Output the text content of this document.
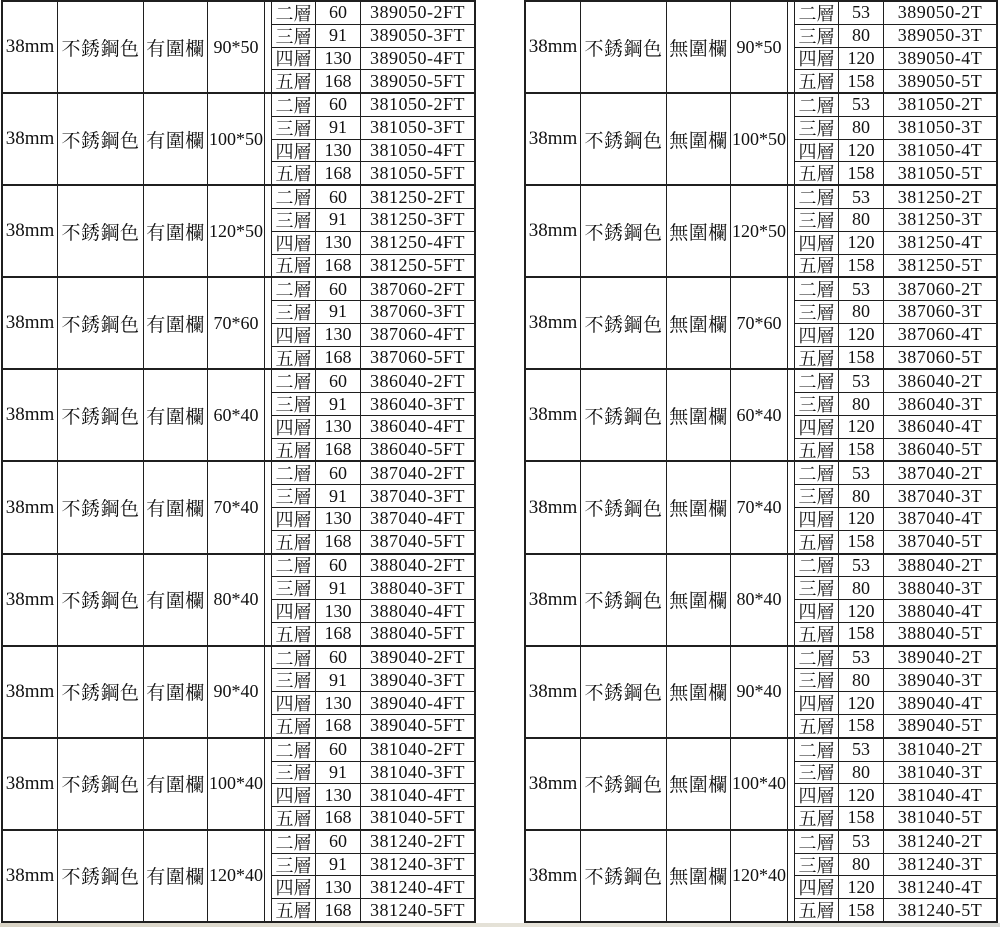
38mm 不銹鋼色 有圍欄 90*50
二層 60	389050-2FT
三層 91	389050-3FT
四層 130	389050-4FT
五層 168	389050-5FT
38mm 不銹鋼色 有圍欄 100*50
二層 60	381050-2FT
三層 91	381050-3FT
四層 130	381050-4FT
五層 168	381050-5FT
38mm 不銹鋼色 有圍欄 120*50
二層 60	381250-2FT
三層 91	381250-3FT
四層 130	381250-4FT
五層 168	381250-5FT
38mm 不銹鋼色 有圍欄 70*60
二層 60	387060-2FT
三層 91	387060-3FT
四層 130	387060-4FT
五層 168	387060-5FT
38mm 不銹鋼色 有圍欄 60*40
二層 60	386040-2FT
三層 91	386040-3FT
四層 130	386040-4FT
五層 168	386040-5FT
38mm 不銹鋼色 有圍欄 70*40
二層 60	387040-2FT
三層 91	387040-3FT
四層 130	387040-4FT
五層 168	387040-5FT
38mm 不銹鋼色 有圍欄 80*40
二層 60	388040-2FT
三層 91	388040-3FT
四層 130	388040-4FT
五層 168	388040-5FT
38mm 不銹鋼色 有圍欄 90*40
二層 60	389040-2FT
三層 91	389040-3FT
四層 130	389040-4FT
五層 168	389040-5FT
38mm 不銹鋼色 有圍欄 100*40
二層 60	381040-2FT
三層 91	381040-3FT
四層 130	381040-4FT
五層 168	381040-5FT
38mm 不銹鋼色 有圍欄 120*40
二層 60	381240-2FT
三層 91	381240-3FT
四層 130	381240-4FT
五層 168	381240-5FT
38mm 不銹鋼色 無圍欄 90*50
二層 53	389050-2T
三層 80	389050-3T
四層 120	389050-4T
五層 158	389050-5T
38mm 不銹鋼色 無圍欄 100*50
二層 53	381050-2T
三層 80	381050-3T
四層 120	381050-4T
五層 158	381050-5T
38mm 不銹鋼色 無圍欄 120*50
二層 53	381250-2T
三層 80	381250-3T
四層 120	381250-4T
五層 158	381250-5T
38mm 不銹鋼色 無圍欄 70*60
二層 53	387060-2T
三層 80	387060-3T
四層 120	387060-4T
五層 158	387060-5T
38mm 不銹鋼色 無圍欄 60*40
二層 53	386040-2T
三層 80	386040-3T
四層 120	386040-4T
五層 158	386040-5T
38mm 不銹鋼色 無圍欄 70*40
二層 53	387040-2T
三層 80	387040-3T
四層 120	387040-4T
五層 158	387040-5T
38mm 不銹鋼色 無圍欄 80*40
二層 53	388040-2T
三層 80	388040-3T
四層 120	388040-4T
五層 158	388040-5T
38mm 不銹鋼色 無圍欄 90*40
二層 53	389040-2T
三層 80	389040-3T
四層 120	389040-4T
五層 158	389040-5T
38mm 不銹鋼色 無圍欄 100*40
二層 53	381040-2T
三層 80	381040-3T
四層 120	381040-4T
五層 158	381040-5T
38mm 不銹鋼色 無圍欄 120*40
二層 53	381240-2T
三層 80	381240-3T
四層 120	381240-4T
五層 158	381240-5T
